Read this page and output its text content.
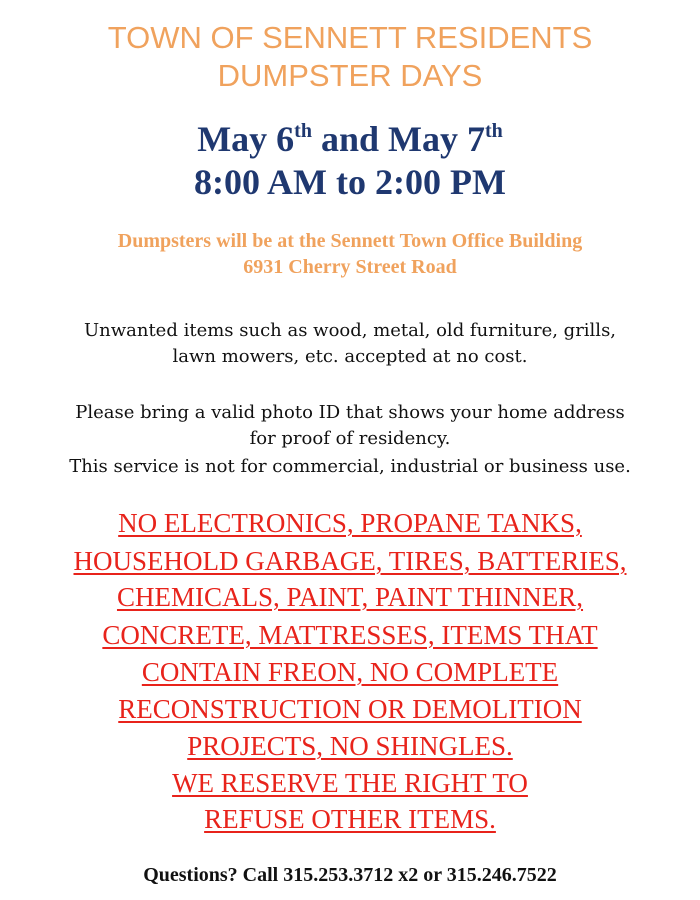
TOWN OF SENNETT RESIDENTS
DUMPSTER DAYS
May 6th and May 7th
8:00 AM to 2:00 PM
Dumpsters will be at the Sennett Town Office Building
6931 Cherry Street Road
Unwanted items such as wood, metal, old furniture, grills,
lawn mowers, etc. accepted at no cost.
Please bring a valid photo ID that shows your home address
for proof of residency.
This service is not for commercial, industrial or business use.
NO ELECTRONICS, PROPANE TANKS,
HOUSEHOLD GARBAGE, TIRES, BATTERIES,
CHEMICALS, PAINT, PAINT THINNER,
CONCRETE, MATTRESSES, ITEMS THAT
CONTAIN FREON, NO COMPLETE
RECONSTRUCTION OR DEMOLITION
PROJECTS, NO SHINGLES.
WE RESERVE THE RIGHT TO
REFUSE OTHER ITEMS.
Questions? Call 315.253.3712 x2 or 315.246.7522
